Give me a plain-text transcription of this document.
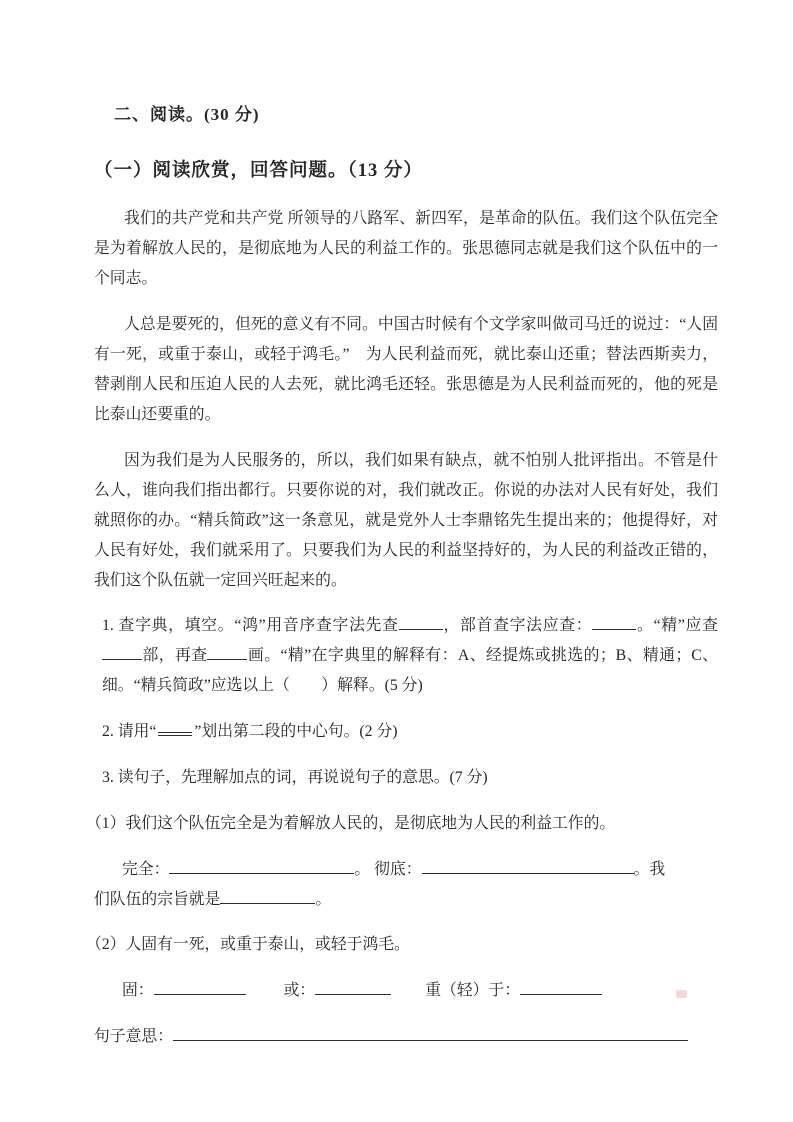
二、阅读。(30 分)
（一）阅读欣赏，回答问题。（13 分）

我们的共产党和共产党 所领导的八路军、新四军，是革命的队伍。我们这个队伍完全是为着解放人民的，是彻底地为人民的利益工作的。张思德同志就是我们这个队伍中的一个同志。

人总是要死的，但死的意义有不同。中国古时候有个文学家叫做司马迁的说过：“人固有一死，或重于泰山，或轻于鸿毛。”　为人民利益而死，就比泰山还重；替法西斯卖力，替剥削人民和压迫人民的人去死，就比鸿毛还轻。张思德是为人民利益而死的，他的死是比泰山还要重的。

因为我们是为人民服务的，所以，我们如果有缺点，就不怕别人批评指出。不管是什么人，谁向我们指出都行。只要你说的对，我们就改正。你说的办法对人民有好处，我们就照你的办。“精兵简政”这一条意见，就是党外人士李鼎铭先生提出来的；他提得好，对人民有好处，我们就采用了。只要我们为人民的利益坚持好的，为人民的利益改正错的，我们这个队伍就一定回兴旺起来的。

1. 查字典，填空。“鸿”用音序查字法先查	，部首查字法应查：	。“精”应查部，再查	画。“精”在字典里的解释有：A、经提炼或挑选的；B、精通；C、细。“精兵简政”应选以上（　　）解释。(5 分)

2. 请用“ ”划出第二段的中心句。(2 分)

3. 读句子，先理解加点的词，再说说句子的意思。(7 分)

（1）我们这个队伍完全是为着解放人民的，是彻底地为人民的利益工作的。

完全：	。 彻底：	。我
们队伍的宗旨就是	。

（2）人固有一死，或重于泰山，或轻于鸿毛。

固：	或：	重（轻）于：

句子意思：
